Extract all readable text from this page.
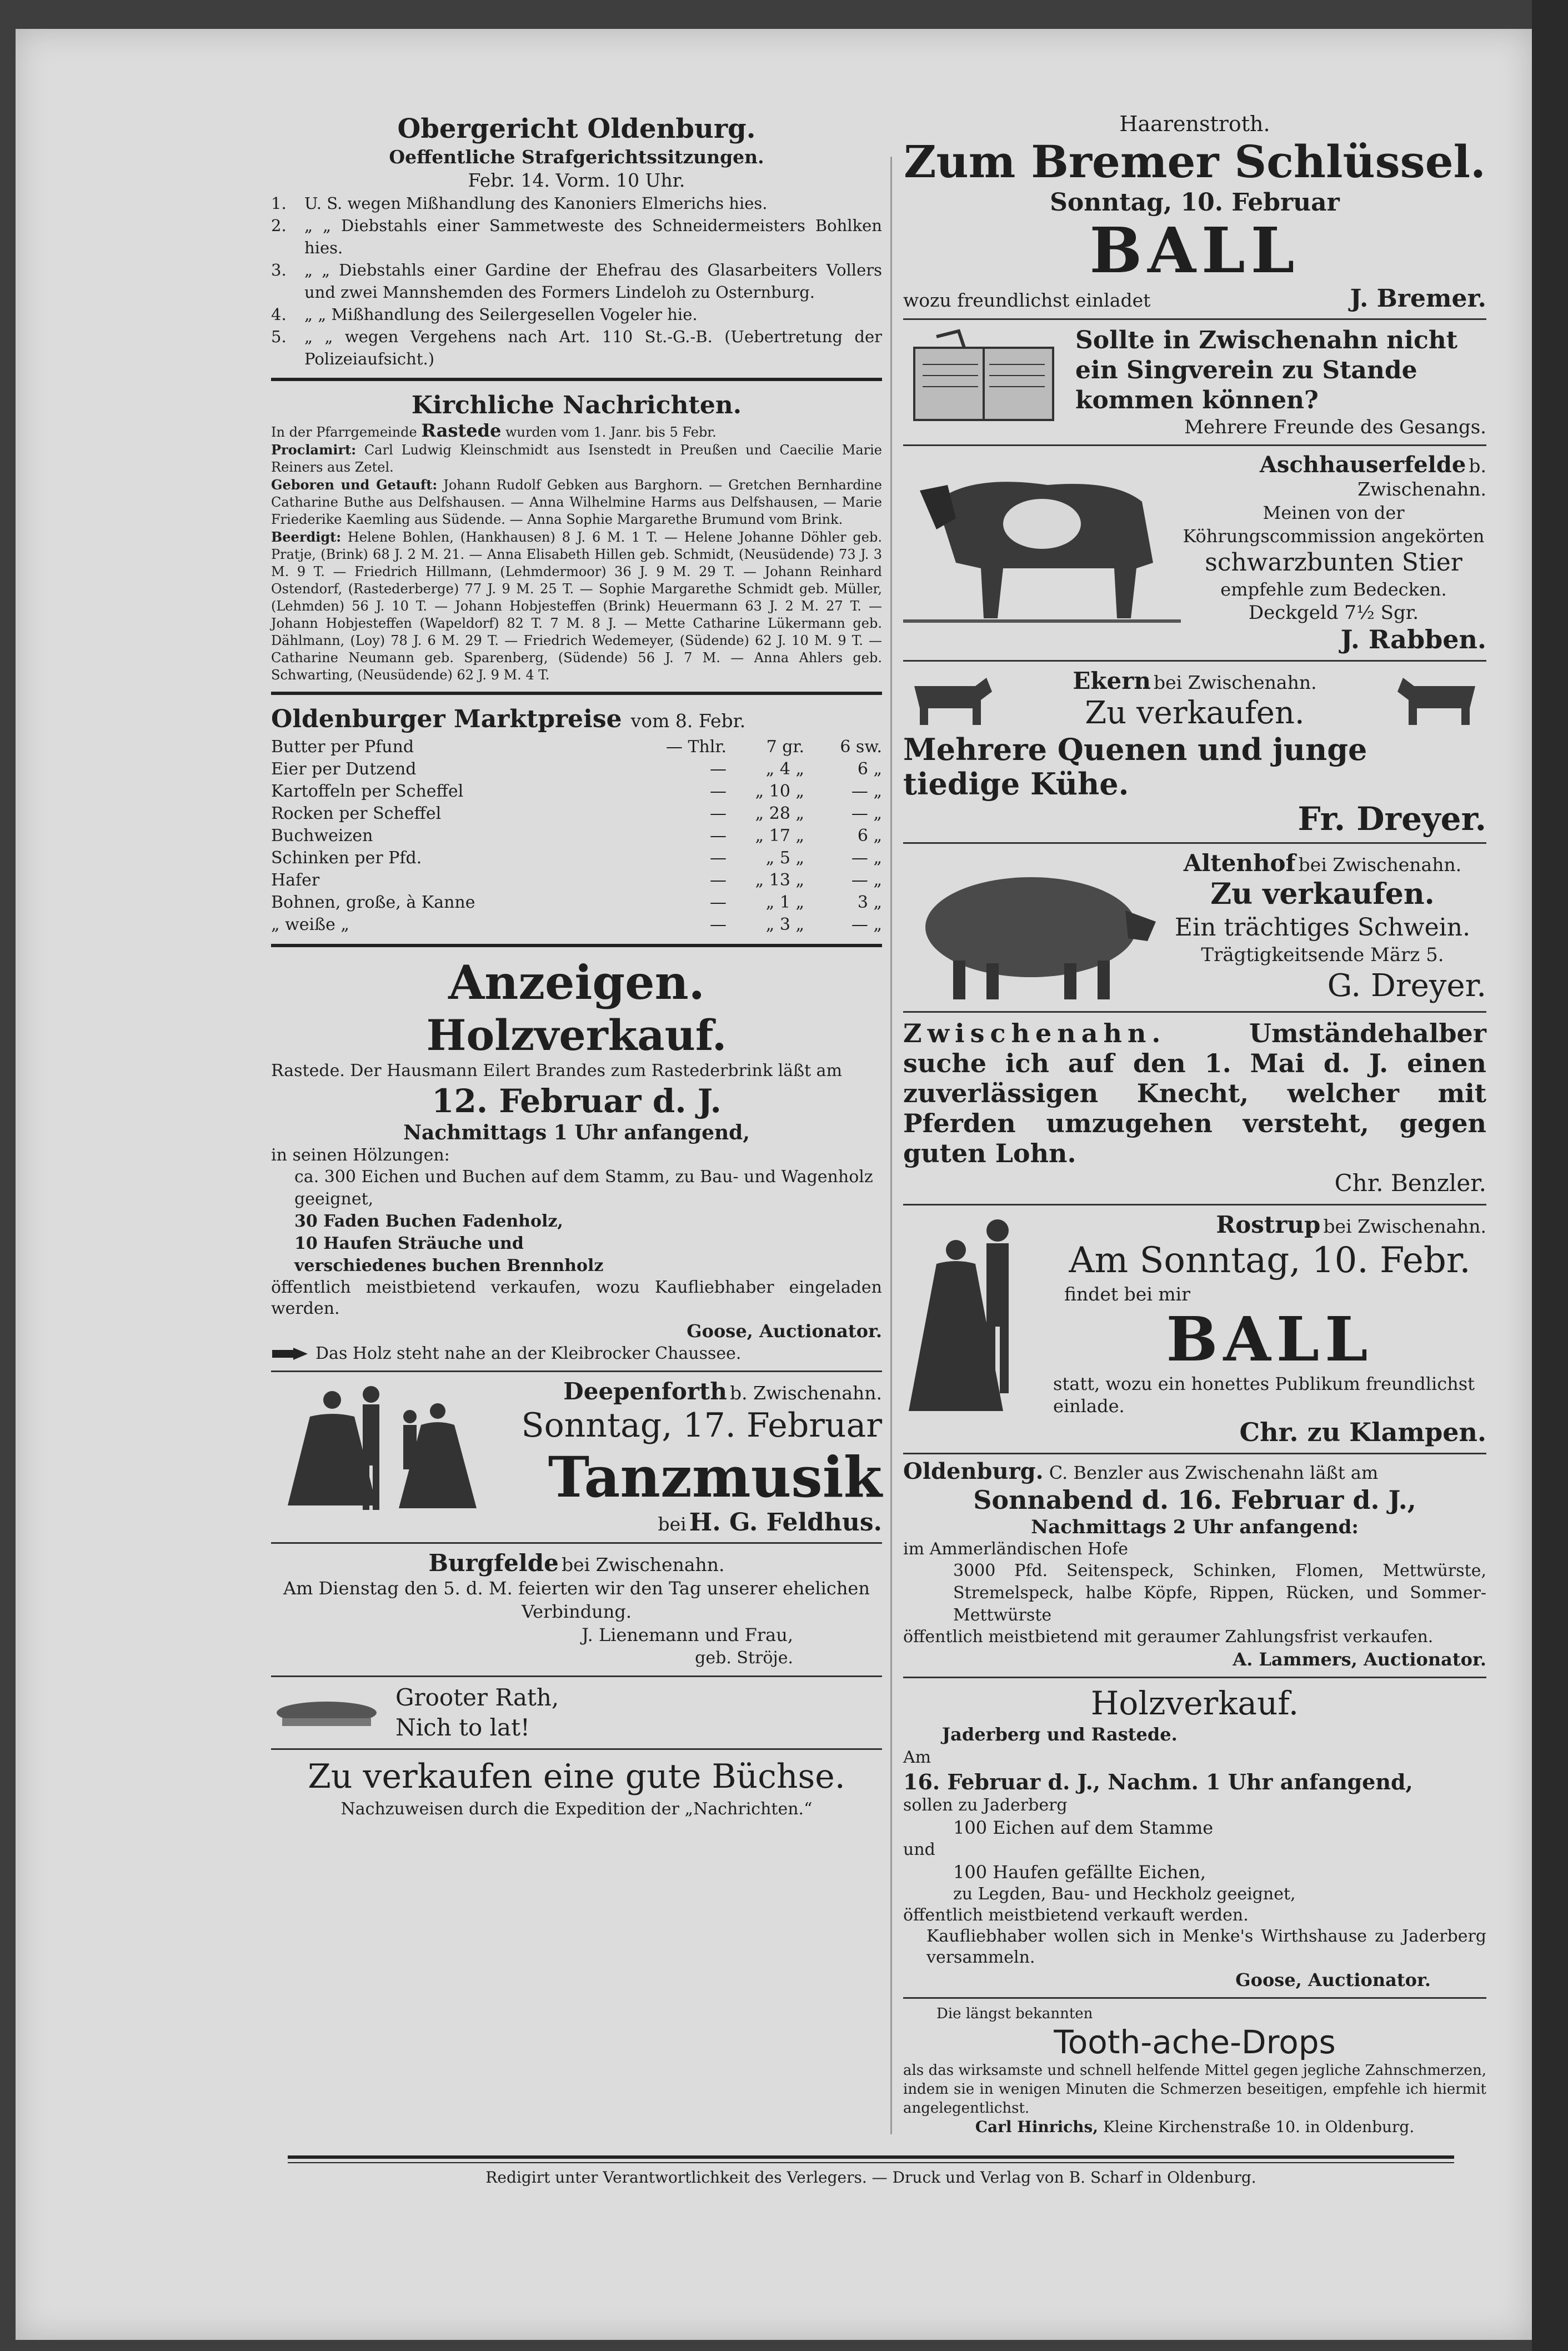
Obergericht Oldenburg.
Oeffentliche Strafgerichtssitzungen.
Febr. 14. Vorm. 10 Uhr.
1.	U. S. wegen Mißhandlung des Kanoniers Elmerichs hies.
2.	„ „ Diebstahls einer Sammetweste des Schneidermeisters Bohlken hies.
3.	„ „ Diebstahls einer Gardine der Ehefrau des Glasarbeiters Vollers und zwei Mannshemden des Formers Lindeloh zu Osternburg.
4.	„ „ Mißhandlung des Seilergesellen Vogeler hie.
5.	„ „ wegen Vergehens nach Art. 110 St.-G.-B. (Uebertretung der Polizeiaufsicht.)
Kirchliche Nachrichten.
In der Pfarrgemeinde Rastede wurden vom 1. Janr. bis 5 Febr.
Proclamirt: Carl Ludwig Kleinschmidt aus Isenstedt in Preußen und Caecilie Marie Reiners aus Zetel.
Geboren und Getauft: Johann Rudolf Gebken aus Barghorn. — Gretchen Bernhardine Catharine Buthe aus Delfshausen. — Anna Wilhelmine Harms aus Delfshausen, — Marie Friederike Kaemling aus Südende. — Anna Sophie Margarethe Brumund vom Brink.
Beerdigt: Helene Bohlen, (Hankhausen) 8 J. 6 M. 1 T. — Helene Johanne Döhler geb. Pratje, (Brink) 68 J. 2 M. 21. — Anna Elisabeth Hillen geb. Schmidt, (Neusüdende) 73 J. 3 M. 9 T. — Friedrich Hillmann, (Lehmdermoor) 36 J. 9 M. 29 T. — Johann Reinhard Ostendorf, (Rastederberge) 77 J. 9 M. 25 T. — Sophie Margarethe Schmidt geb. Müller, (Lehmden) 56 J. 10 T. — Johann Hobjesteffen (Brink) Heuermann 63 J. 2 M. 27 T. — Johann Hobjesteffen (Wapeldorf) 82 T. 7 M. 8 J. — Mette Catharine Lükermann geb. Dählmann, (Loy) 78 J. 6 M. 29 T. — Friedrich Wedemeyer, (Südende) 62 J. 10 M. 9 T. — Catharine Neumann geb. Sparenberg, (Südende) 56 J. 7 M. — Anna Ahlers geb. Schwarting, (Neusüdende) 62 J. 9 M. 4 T.
Oldenburger Marktpreise vom 8. Febr.
Butter per Pfund	— Thlr.	7 gr.	6 sw.
Eier per Dutzend	—	„ 4 „	6 „
Kartoffeln per Scheffel	—	„ 10 „	— „
Rocken per Scheffel	—	„ 28 „	— „
Buchweizen	—	„ 17 „	6 „
Schinken per Pfd.	—	„ 5 „	— „
Hafer	—	„ 13 „	— „
Bohnen, große, à Kanne	—	„ 1 „	3 „
„ weiße „	—	„ 3 „	— „
Anzeigen.
Holzverkauf.
Rastede. Der Hausmann Eilert Brandes zum Rastederbrink läßt am
12. Februar d. J.
Nachmittags 1 Uhr anfangend,
in seinen Hölzungen:
ca. 300 Eichen und Buchen auf dem Stamm, zu Bau- und Wagenholz geeignet,
30 Faden Buchen Fadenholz,
10 Haufen Sträuche und
verschiedenes buchen Brennholz
öffentlich meistbietend verkaufen, wozu Kaufliebhaber eingeladen werden.
Goose, Auctionator.
Das Holz steht nahe an der Kleibrocker Chaussee.
Deepenforth b. Zwischenahn.
Sonntag, 17. Februar
Tanzmusik
bei H. G. Feldhus.
Burgfelde bei Zwischenahn.
Am Dienstag den 5. d. M. feierten wir den Tag unserer ehelichen Verbindung.
J. Lienemann und Frau,
geb. Ströje.
Grooter Rath,
Nich to lat!
Zu verkaufen eine gute Büchse.
Nachzuweisen durch die Expedition der „Nachrichten.“
Haarenstroth.
Zum Bremer Schlüssel.
Sonntag, 10. Februar
BALL
wozu freundlichst einladet	J. Bremer.
Sollte in Zwischenahn nicht ein Singverein zu Stande kommen können?
Mehrere Freunde des Gesangs.
Aschhauserfelde b. Zwischenahn.
Meinen von der Köhrungscommission angekörten
schwarzbunten Stier
empfehle zum Bedecken.
Deckgeld 7½ Sgr.
J. Rabben.
Ekern bei Zwischenahn.
Zu verkaufen.
Mehrere Quenen und junge tiedige Kühe.
Fr. Dreyer.
Altenhof bei Zwischenahn.
Zu verkaufen.
Ein trächtiges Schwein.
Trägtigkeitsende März 5.
G. Dreyer.
Zwischenahn.	Umständehalber suche ich auf den 1. Mai d. J. einen zuverlässigen Knecht, welcher mit Pferden umzugehen versteht, gegen guten Lohn.
Chr. Benzler.
Rostrup bei Zwischenahn.
Am Sonntag, 10. Febr.
findet bei mir
BALL
statt, wozu ein honettes Publikum freundlichst einlade.
Chr. zu Klampen.
Oldenburg. C. Benzler aus Zwischenahn läßt am
Sonnabend d. 16. Februar d. J.,
Nachmittags 2 Uhr anfangend:
im Ammerländischen Hofe
3000 Pfd. Seitenspeck, Schinken, Flomen, Mettwürste, Stremelspeck, halbe Köpfe, Rippen, Rücken, und Sommer-Mettwürste
öffentlich meistbietend mit geraumer Zahlungsfrist verkaufen.
A. Lammers, Auctionator.
Holzverkauf.
Jaderberg und Rastede.
Am
16. Februar d. J., Nachm. 1 Uhr anfangend,
sollen zu Jaderberg
100 Eichen auf dem Stamme
und
100 Haufen gefällte Eichen,
zu Legden, Bau- und Heckholz geeignet,
öffentlich meistbietend verkauft werden.
Kaufliebhaber wollen sich in Menke's Wirthshause zu Jaderberg versammeln.
Goose, Auctionator.
Die längst bekannten
Tooth-ache-Drops
als das wirksamste und schnell helfende Mittel gegen jegliche Zahnschmerzen, indem sie in wenigen Minuten die Schmerzen beseitigen, empfehle ich hiermit angelegentlichst.
Carl Hinrichs, Kleine Kirchenstraße 10. in Oldenburg.
Redigirt unter Verantwortlichkeit des Verlegers. — Druck und Verlag von B. Scharf in Oldenburg.
